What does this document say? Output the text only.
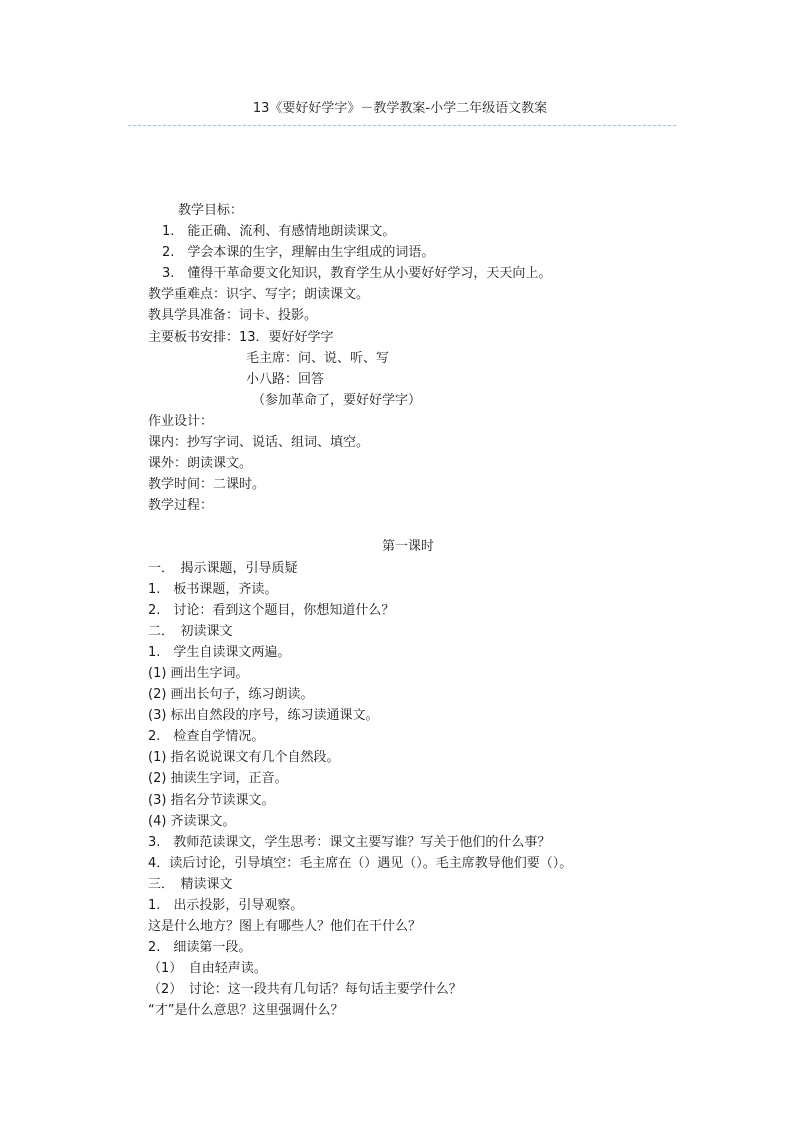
13《要好好学字》－教学教案-小学二年级语文教案
教学目标：
1.　能正确、流利、有感情地朗读课文。
2.　学会本课的生字，理解由生字组成的词语。
3.　懂得干革命要文化知识，教育学生从小要好好学习，天天向上。
教学重难点：识字、写字；朗读课文。
教具学具准备：词卡、投影。
主要板书安排：13．要好好学字
毛主席：问、说、听、写
小八路：回答
（参加革命了，要好好学字）
作业设计：
课内：抄写字词、说话、组词、填空。
课外：朗读课文。
教学时间：二课时。
教学过程：
第一课时
一．　揭示课题，引导质疑
1.　板书课题，齐读。
2.　讨论：看到这个题目，你想知道什么？
二．　初读课文
1.　学生自读课文两遍。
(1) 画出生字词。
(2) 画出长句子，练习朗读。
(3) 标出自然段的序号，练习读通课文。
2.　检查自学情况。
(1) 指名说说课文有几个自然段。
(2) 抽读生字词，正音。
(3) 指名分节读课文。
(4) 齐读课文。
3.　教师范读课文，学生思考：课文主要写谁？写关于他们的什么事？
4．读后讨论，引导填空：毛主席在（）遇见（）。毛主席教导他们要（）。
三．　精读课文
1.　出示投影，引导观察。
这是什么地方？图上有哪些人？他们在干什么？
2.　细读第一段。
（1）　自由轻声读。
（2）　讨论：这一段共有几句话？每句话主要学什么？
“才”是什么意思？这里强调什么？
